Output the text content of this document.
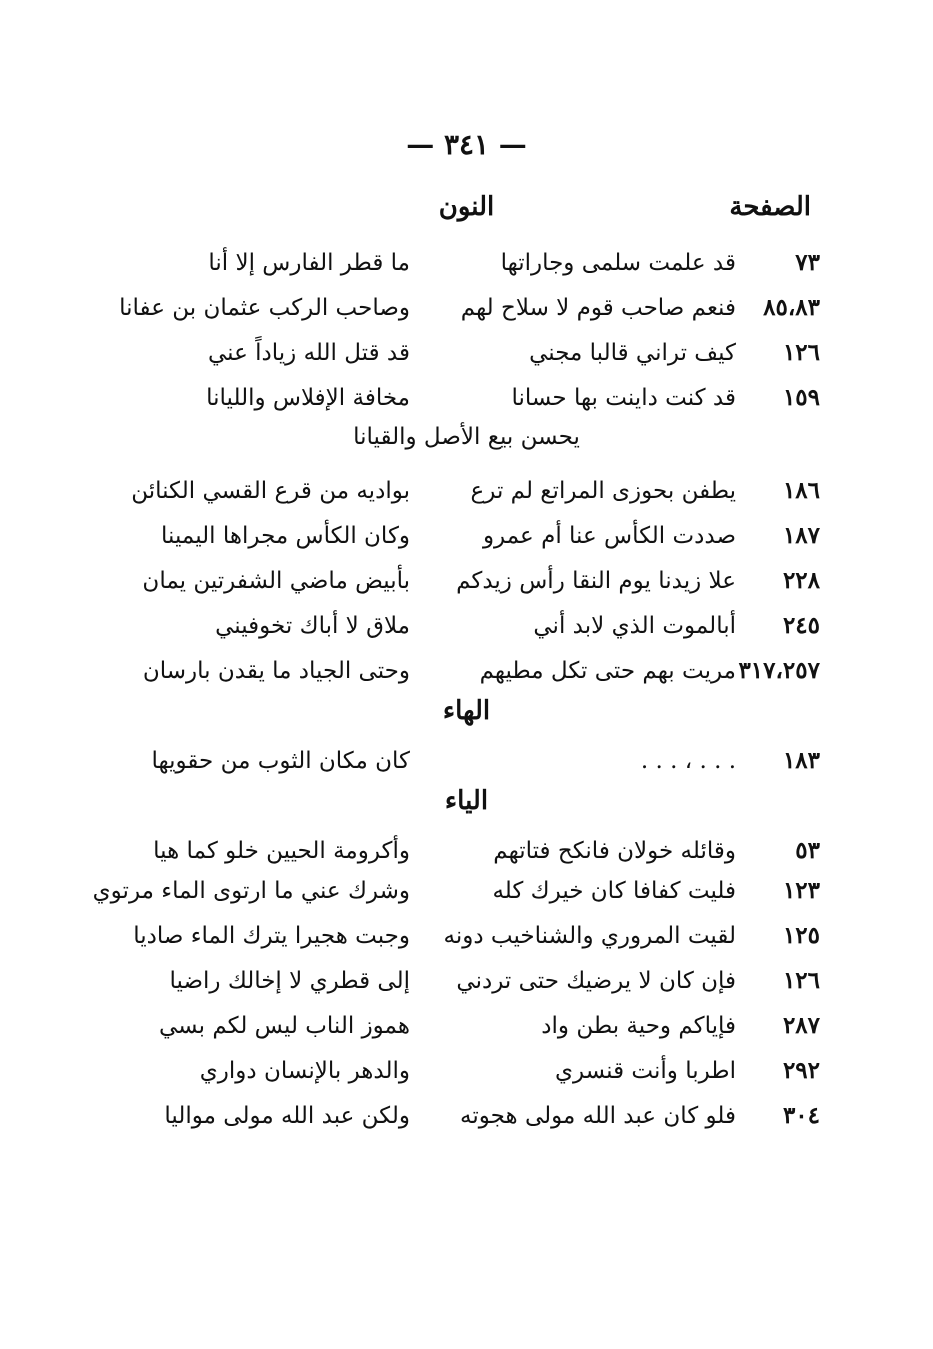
— ٣٤١ —
الصفحة
النون
٧٣
قد علمت سلمى وجاراتها
ما قطر الفارس إلا أنا
٨٥،٨٣
فنعم صاحب قوم لا سلاح لهم
وصاحب الركب عثمان بن عفانا
١٢٦
كيف تراني قالبا مجني
قد قتل الله زياداً عني
١٥٩
قد كنت داينت بها حسانا
مخافة الإفلاس والليانا
يحسن بيع الأصل والقيانا
١٨٦
يطفن بحوزى المراتع لم ترع
بواديه من قرع القسي الكنائن
١٨٧
صددت الكأس عنا أم عمرو
وكان الكأس مجراها اليمينا
٢٢٨
علا زيدنا يوم النقا رأس زيدكم
بأبيض ماضي الشفرتين يمان
٢٤٥
أبالموت الذي لابد أني
ملاق لا أباك تخوفيني
٣١٧،٢٥٧
مريت بهم حتى تكل مطيهم
وحتى الجياد ما يقدن بارسان
الهاء
١٨٣
. . . ، . . .
كان مكان الثوب من حقويها
الياء
٥٣
وقائله خولان فانكح فتاتهم
وأكرومة الحيين خلو كما هيا
١٢٣
فليت كفافا كان خيرك كله
وشرك عني ما ارتوى الماء مرتوي
١٢٥
لقيت المروري والشناخيب دونه
وجبت هجيرا يترك الماء صاديا
١٢٦
فإن كان لا يرضيك حتى تردني
إلى قطري لا إخالك راضيا
٢٨٧
فإياكم وحية بطن واد
هموز الناب ليس لكم بسي
٢٩٢
اطربا وأنت قنسري
والدهر بالإنسان دواري
٣٠٤
فلو كان عبد الله مولى هجوته
ولكن عبد الله مولى مواليا
